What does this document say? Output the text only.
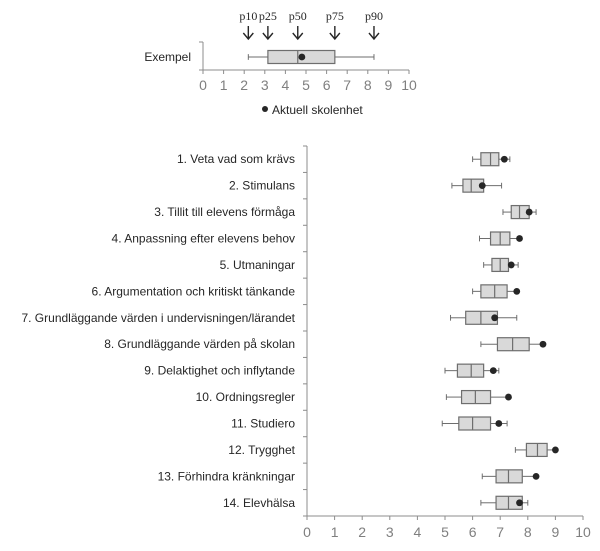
0 1 2 3 4 5 6 7 8 9 10
Exempel
p10 p25 p50 p75 p90
Aktuell skolenhet
0 1 2 3 4 5 6 7 8 9 10
1. Veta vad som krävs
2. Stimulans
3. Tillit till elevens förmåga
4. Anpassning efter elevens behov
5. Utmaningar
6. Argumentation och kritiskt tänkande
7. Grundläggande värden i undervisningen/lärandet
8. Grundläggande värden på skolan
9. Delaktighet och inflytande
10. Ordningsregler
11. Studiero
12. Trygghet
13. Förhindra kränkningar
14. Elevhälsa
